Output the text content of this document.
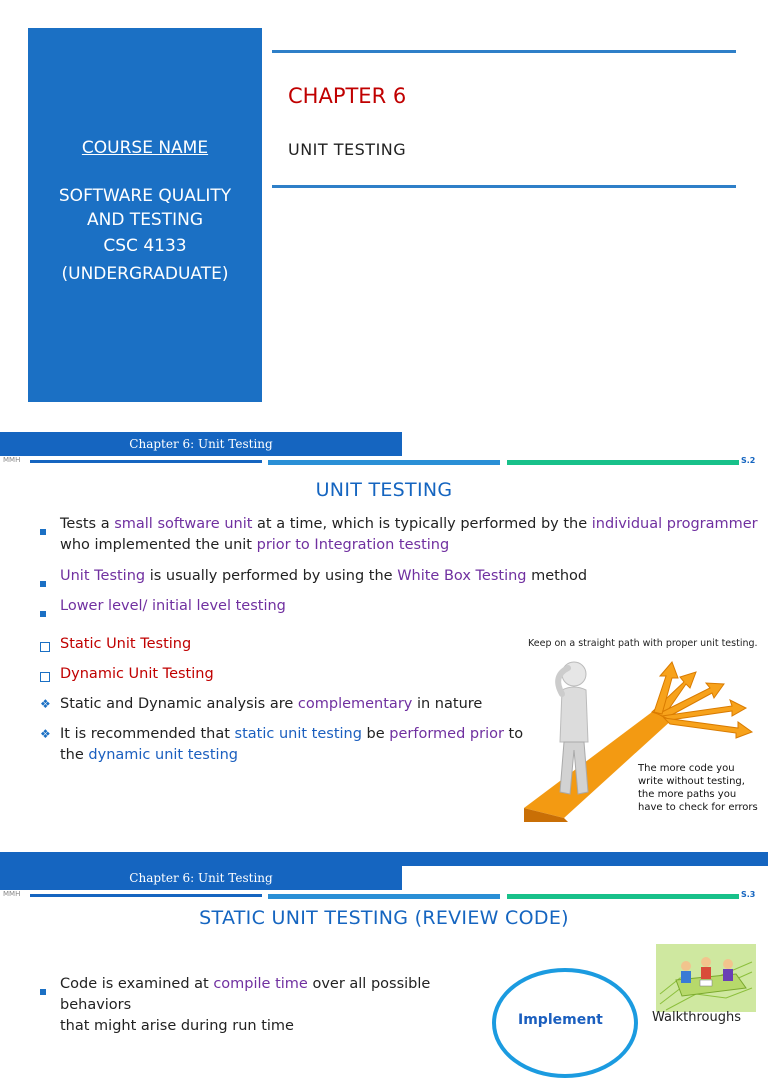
COURSE NAME
SOFTWARE QUALITY
AND TESTING
CSC 4133
(UNDERGRADUATE)
CHAPTER 6
UNIT TESTING
Chapter 6: Unit Testing
MMH	S.2
UNIT TESTING
Tests a small software unit at a time, which is typically performed by the individual programmer
who implemented the unit prior to Integration testing
Unit Testing is usually performed by using the White Box Testing method
Lower level/ initial level testing
Static Unit Testing
Dynamic Unit Testing
❖ Static and Dynamic analysis are complementary in nature
❖ It is recommended that static unit testing be performed prior to
the dynamic unit testing
Keep on a straight path with proper unit testing.
The more code you
write without testing,
the more paths you
have to check for errors
Chapter 6: Unit Testing
MMH	S.3
STATIC UNIT TESTING (REVIEW CODE)
Code is examined at compile time over all possible behaviors
that might arise during run time	Implement	Walkthroughs
